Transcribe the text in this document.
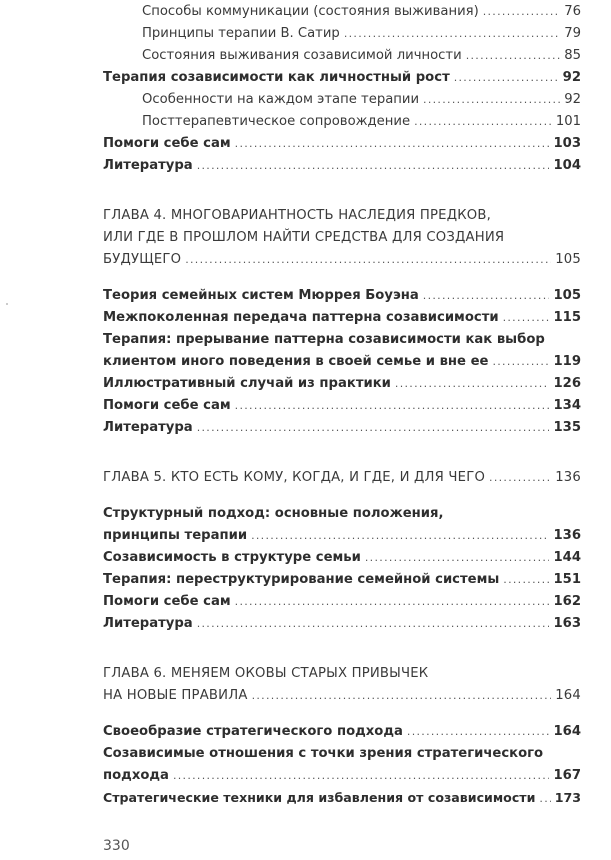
Способы коммуникации (состояния выживания) .....	76
Принципы терапии В. Сатир .....	79
Состояния выживания созависимой личности .....	85
Терапия созависимости как личностный рост .....	92
Особенности на каждом этапе терапии .....	92
Посттерапевтическое сопровождение .....	101
Помоги себе сам .....	103
Литература .....	104
ГЛАВА 4. МНОГОВАРИАНТНОСТЬ НАСЛЕДИЯ ПРЕДКОВ,
ИЛИ ГДЕ В ПРОШЛОМ НАЙТИ СРЕДСТВА ДЛЯ СОЗДАНИЯ
БУДУЩЕГО .....	105
Теория семейных систем Мюррея Боуэна .....	105
Межпоколенная передача паттерна созависимости .....	115
Терапия: прерывание паттерна созависимости как выбор
клиентом иного поведения в своей семье и вне ее .....	119
Иллюстративный случай из практики .....	126
Помоги себе сам .....	134
Литература .....	135
ГЛАВА 5. КТО ЕСТЬ КОМУ, КОГДА, И ГДЕ, И ДЛЯ ЧЕГО .....	136
Структурный подход: основные положения,
принципы терапии .....	136
Созависимость в структуре семьи .....	144
Терапия: переструктурирование семейной системы .....	151
Помоги себе сам .....	162
Литература .....	163
ГЛАВА 6. МЕНЯЕМ ОКОВЫ СТАРЫХ ПРИВЫЧЕК
НА НОВЫЕ ПРАВИЛА .....	164
Своеобразие стратегического подхода .....	164
Созависимые отношения с точки зрения стратегического
подхода .....	167
Стратегические техники для избавления от созависимости ..... 173
330
